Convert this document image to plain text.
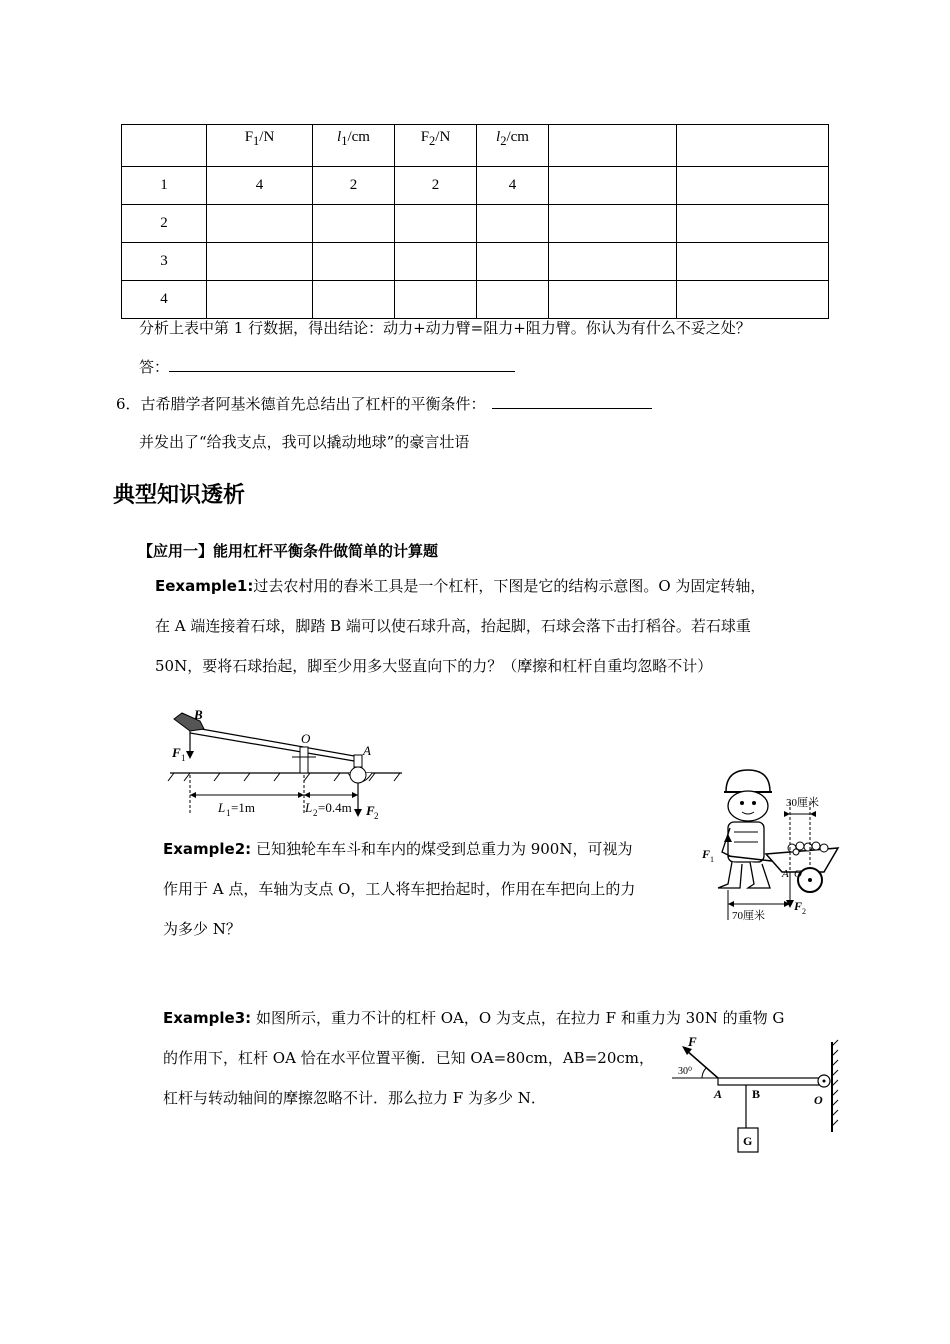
	$F_1/N$	$l_1/cm$	$F_2/N$	$l_2/cm$		
1	4	2	2	4		
2						
3						
4						
分析上表中第 1 行数据，得出结论：动力+动力臂=阻力+阻力臂。你认为有什么不妥之处？
答：
6．古希腊学者阿基米德首先总结出了杠杆的平衡条件：
并发出了“给我支点，我可以撬动地球”的豪言壮语
典型知识透析
【应用一】能用杠杆平衡条件做简单的计算题
Eexample1:过去农村用的舂米工具是一个杠杆，下图是它的结构示意图。O 为固定转轴，
在 A 端连接着石球，脚踏 B 端可以使石球升高，抬起脚，石球会落下击打稻谷。若石球重
50N，要将石球抬起，脚至少用多大竖直向下的力？（摩擦和杠杆自重均忽略不计）
B
O
A
F 1
L 1 =1m	L 2 =0.4m F 2
Example2: 已知独轮车车斗和车内的煤受到总重力为 900N，可视为
作用于 A 点，车轴为支点 O，工人将车把抬起时，作用在车把向上的力
为多少 N？
F 1
A O
F 2
30厘米
70厘米
Example3: 如图所示，重力不计的杠杆 OA，O 为支点，在拉力 F 和重力为 30N 的重物 G
的作用下，杠杆 OA 恰在水平位置平衡．已知 OA=80cm，AB=20cm，
杠杆与转动轴间的摩擦忽略不计．那么拉力 F 为多少 N．
F
30⁰
G
A B	O
